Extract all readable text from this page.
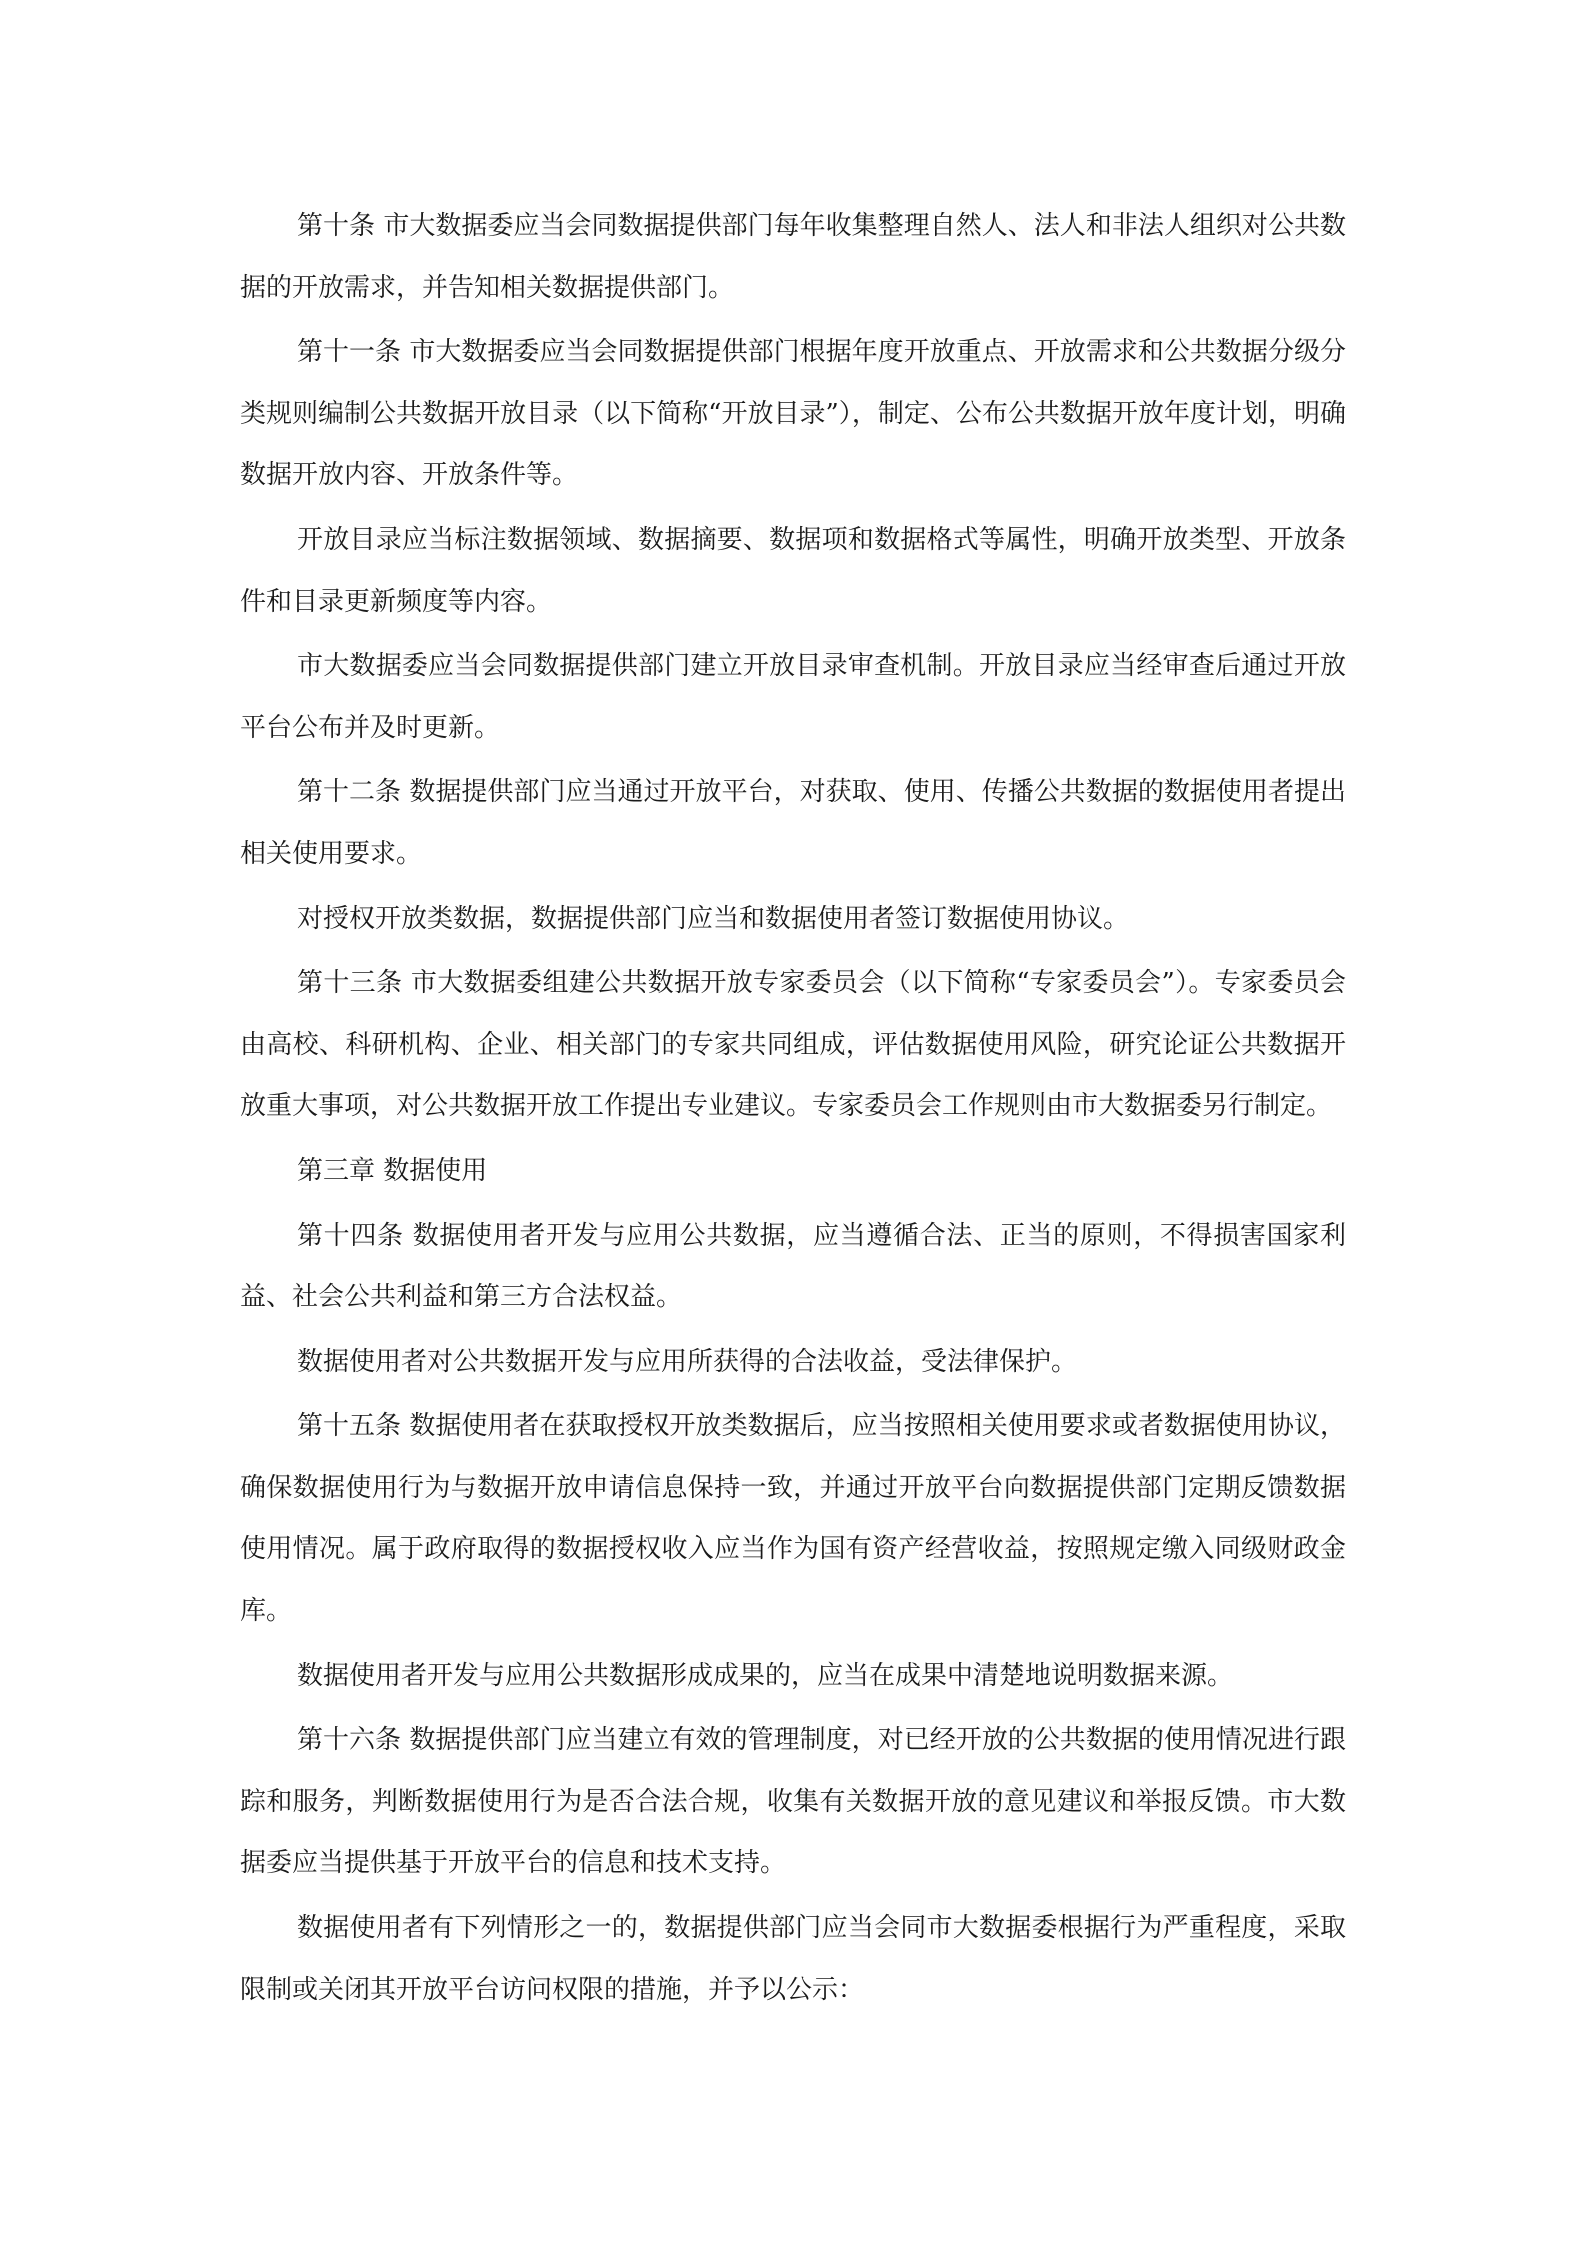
第十条 市大数据委应当会同数据提供部门每年收集整理自然人、法人和非法人组织对公共数据的开放需求，并告知相关数据提供部门。

第十一条 市大数据委应当会同数据提供部门根据年度开放重点、开放需求和公共数据分级分类规则编制公共数据开放目录（以下简称“开放目录”），制定、公布公共数据开放年度计划，明确数据开放内容、开放条件等。

开放目录应当标注数据领域、数据摘要、数据项和数据格式等属性，明确开放类型、开放条件和目录更新频度等内容。

市大数据委应当会同数据提供部门建立开放目录审查机制。开放目录应当经审查后通过开放平台公布并及时更新。

第十二条 数据提供部门应当通过开放平台，对获取、使用、传播公共数据的数据使用者提出相关使用要求。

对授权开放类数据，数据提供部门应当和数据使用者签订数据使用协议。

第十三条 市大数据委组建公共数据开放专家委员会（以下简称“专家委员会”）。专家委员会由高校、科研机构、企业、相关部门的专家共同组成，评估数据使用风险，研究论证公共数据开放重大事项，对公共数据开放工作提出专业建议。专家委员会工作规则由市大数据委另行制定。

第三章 数据使用

第十四条 数据使用者开发与应用公共数据，应当遵循合法、正当的原则，不得损害国家利益、社会公共利益和第三方合法权益。

数据使用者对公共数据开发与应用所获得的合法收益，受法律保护。

第十五条 数据使用者在获取授权开放类数据后，应当按照相关使用要求或者数据使用协议，确保数据使用行为与数据开放申请信息保持一致，并通过开放平台向数据提供部门定期反馈数据使用情况。属于政府取得的数据授权收入应当作为国有资产经营收益，按照规定缴入同级财政金库。

数据使用者开发与应用公共数据形成成果的，应当在成果中清楚地说明数据来源。

第十六条 数据提供部门应当建立有效的管理制度，对已经开放的公共数据的使用情况进行跟踪和服务，判断数据使用行为是否合法合规，收集有关数据开放的意见建议和举报反馈。市大数据委应当提供基于开放平台的信息和技术支持。

数据使用者有下列情形之一的，数据提供部门应当会同市大数据委根据行为严重程度，采取限制或关闭其开放平台访问权限的措施，并予以公示：
